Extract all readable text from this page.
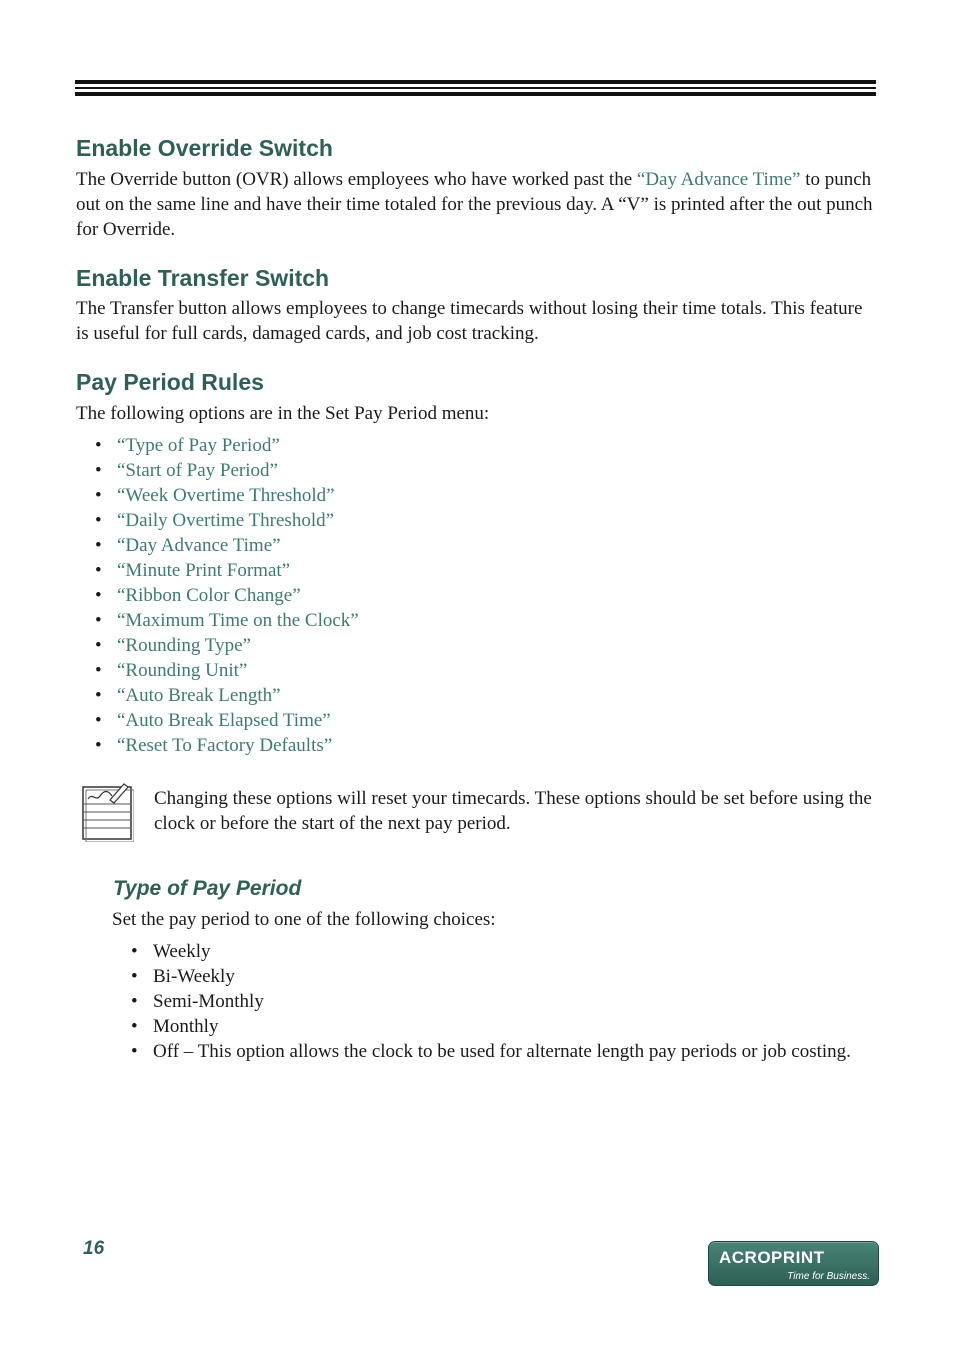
Enable Override Switch

The Override button (OVR) allows employees who have worked past the “Day Advance Time” to punch out on the same line and have their time totaled for the previous day. A “V” is printed after the out punch for Override.

Enable Transfer Switch

The Transfer button allows employees to change timecards without losing their time totals. This feature is useful for full cards, damaged cards, and job cost tracking.

Pay Period Rules

The following options are in the Set Pay Period menu:

• “Type of Pay Period”
• “Start of Pay Period”
• “Week Overtime Threshold”
• “Daily Overtime Threshold”
• “Day Advance Time”
• “Minute Print Format”
• “Ribbon Color Change”
• “Maximum Time on the Clock”
• “Rounding Type”
• “Rounding Unit”
• “Auto Break Length”
• “Auto Break Elapsed Time”
• “Reset To Factory Defaults”

Changing these options will reset your timecards. These options should be set before using the clock or before the start of the next pay period.

Type of Pay Period

Set the pay period to one of the following choices:

• Weekly
• Bi-Weekly
• Semi-Monthly
• Monthly
• Off – This option allows the clock to be used for alternate length pay periods or job costing.

16	ACROPRINT
Time for Business.
